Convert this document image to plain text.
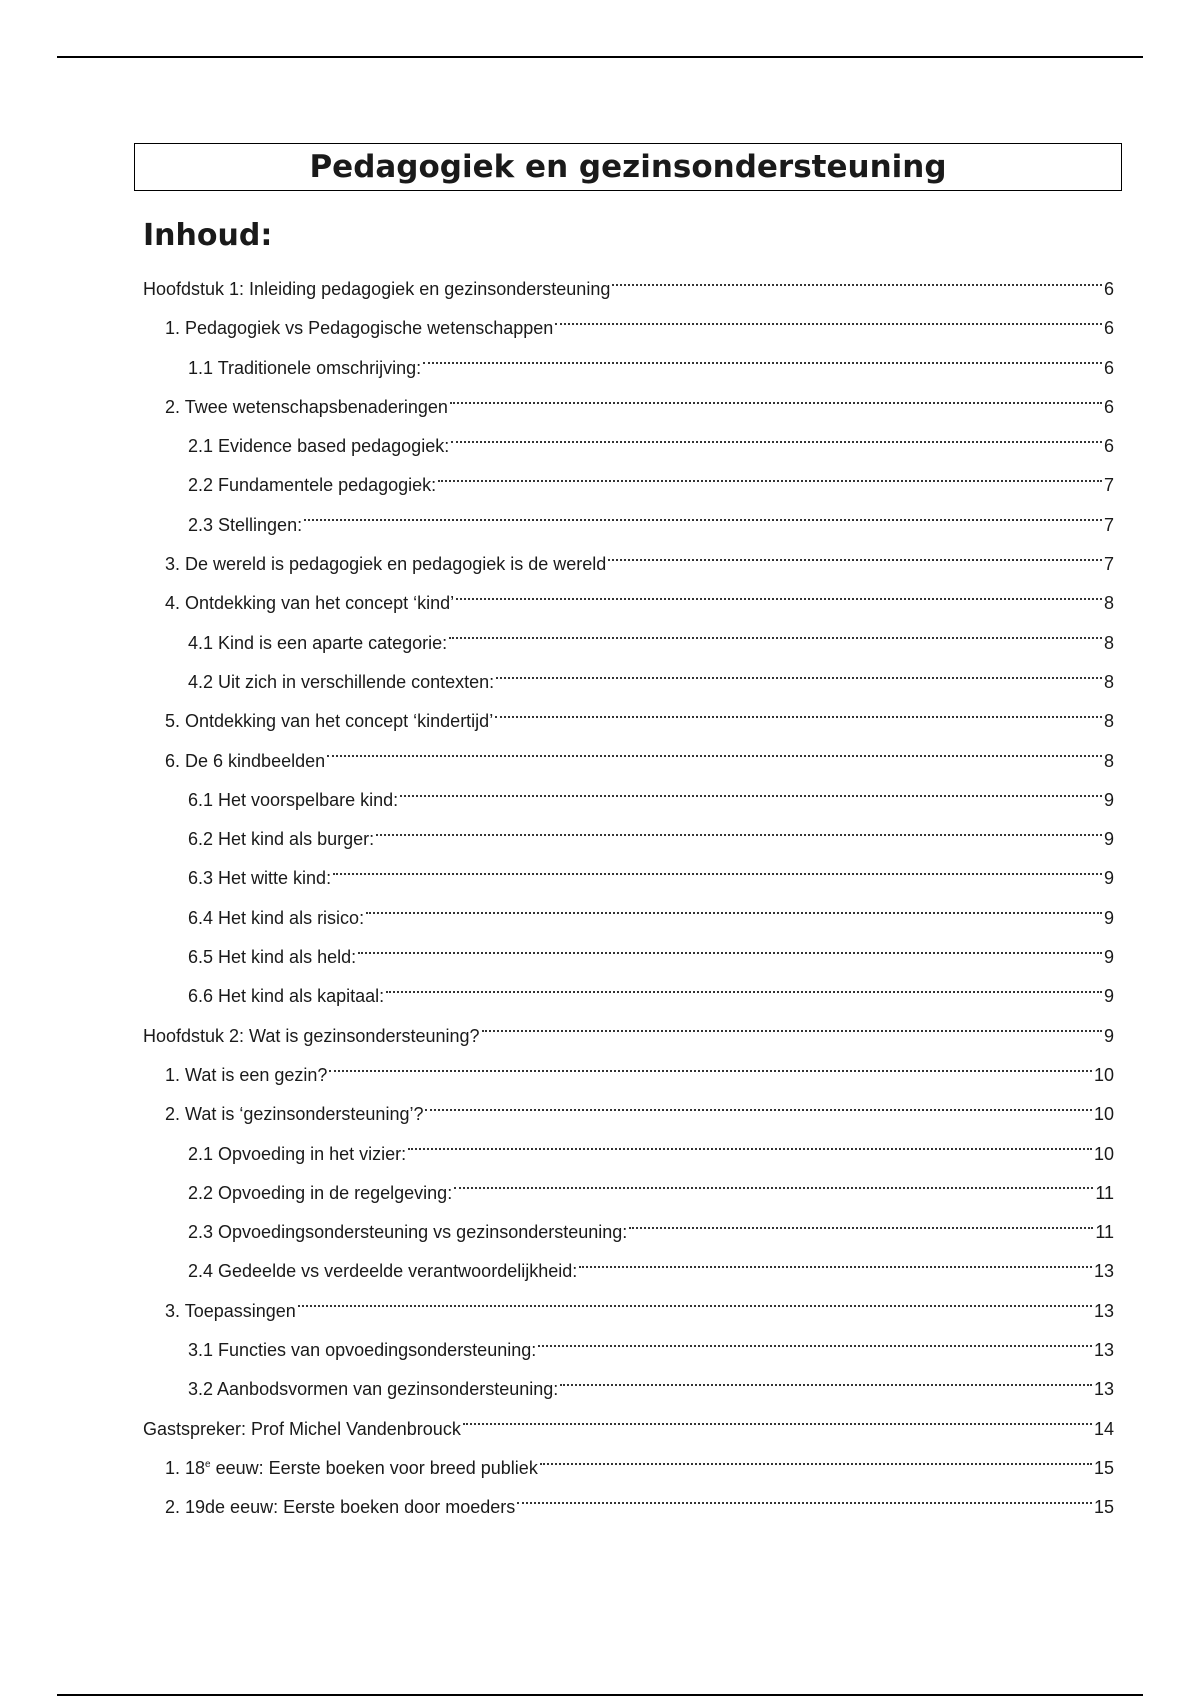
Pedagogiek en gezinsondersteuning
Inhoud:
Hoofdstuk 1: Inleiding pedagogiek en gezinsondersteuning	6
1. Pedagogiek vs Pedagogische wetenschappen	6
1.1 Traditionele omschrijving:	6
2. Twee wetenschapsbenaderingen	6
2.1 Evidence based pedagogiek:	6
2.2 Fundamentele pedagogiek:	7
2.3 Stellingen:	7
3. De wereld is pedagogiek en pedagogiek is de wereld	7
4. Ontdekking van het concept ‘kind’	8
4.1 Kind is een aparte categorie:	8
4.2 Uit zich in verschillende contexten:	8
5. Ontdekking van het concept ‘kindertijd’	8
6. De 6 kindbeelden	8
6.1 Het voorspelbare kind:	9
6.2 Het kind als burger:	9
6.3 Het witte kind:	9
6.4 Het kind als risico:	9
6.5 Het kind als held:	9
6.6 Het kind als kapitaal:	9
Hoofdstuk 2: Wat is gezinsondersteuning?	9
1. Wat is een gezin?	10
2. Wat is ‘gezinsondersteuning’?	10
2.1 Opvoeding in het vizier:	10
2.2 Opvoeding in de regelgeving:	11
2.3 Opvoedingsondersteuning vs gezinsondersteuning:	11
2.4 Gedeelde vs verdeelde verantwoordelijkheid:	13
3. Toepassingen	13
3.1 Functies van opvoedingsondersteuning:	13
3.2 Aanbodsvormen van gezinsondersteuning:	13
Gastspreker: Prof Michel Vandenbrouck	14
1. 18e eeuw: Eerste boeken voor breed publiek	15
2. 19de eeuw: Eerste boeken door moeders	15
